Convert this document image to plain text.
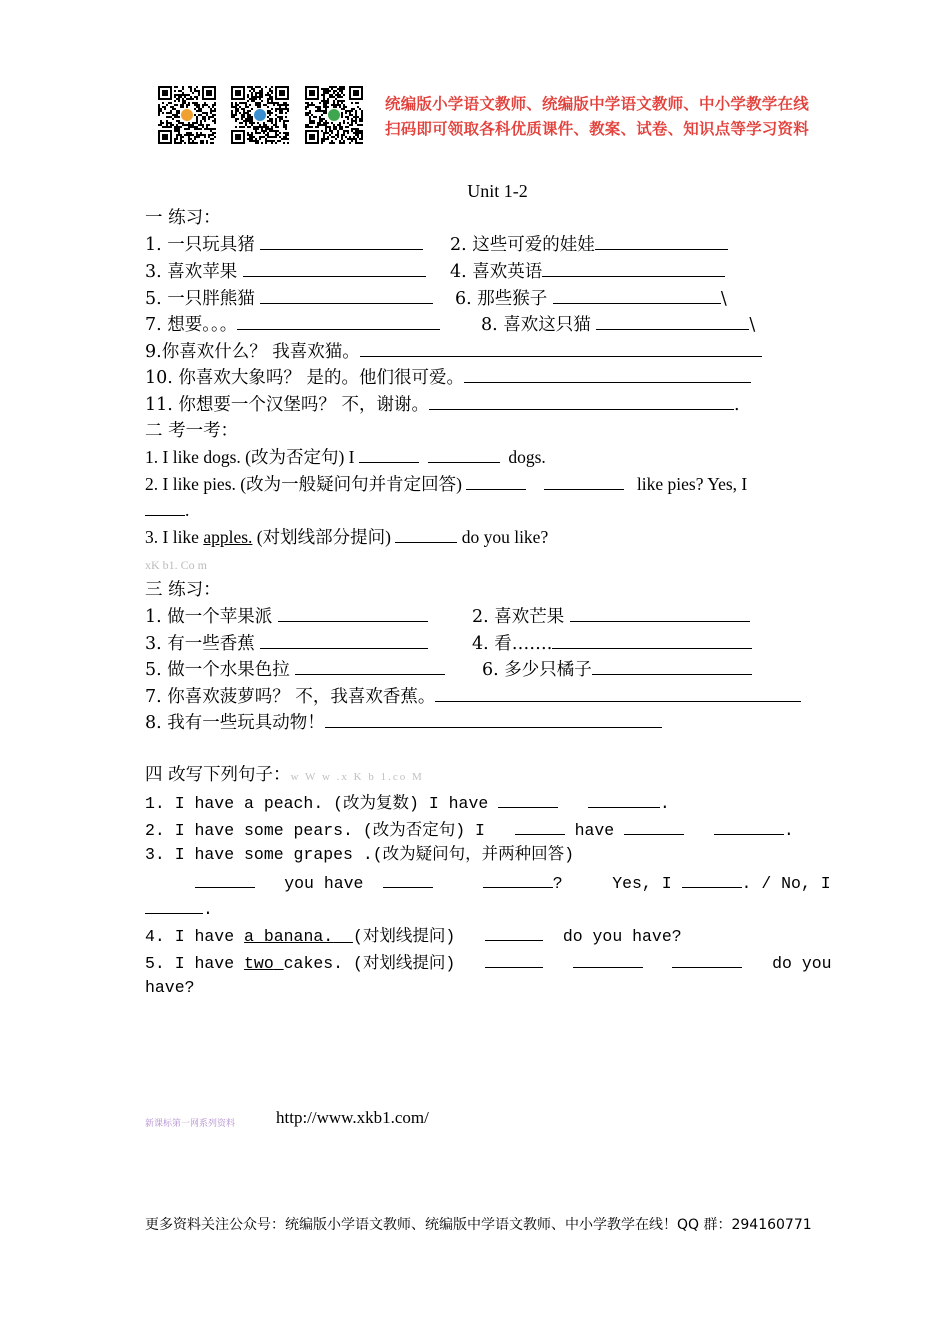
统编版小学语文教师、统编版中学语文教师、中小学教学在线
扫码即可领取各科优质课件、教案、试卷、知识点等学习资料
Unit 1-2
一 练习：
1. 一只玩具猪	2. 这些可爱的娃娃
3. 喜欢苹果	4. 喜欢英语
5. 一只胖熊猫	6. 那些猴子	\
7. 想要。。。	8. 喜欢这只猫	\
9.你喜欢什么？ 我喜欢猫。
10. 你喜欢大象吗？ 是的。他们很可爱。
11. 你想要一个汉堡吗？ 不，谢谢。	.
二 考一考：
1. I like dogs. (改为否定句) I	dogs.
2. I like pies. (改为一般疑问句并肯定回答)	like pies? Yes, I
.
3. I like apples. (对划线部分提问)	do you like?
xK b1. Co m
三 练习：
1. 做一个苹果派	2. 喜欢芒果
3. 有一些香蕉	4. 看…….
5. 做一个水果色拉	6. 多少只橘子
7. 你喜欢菠萝吗？ 不，我喜欢香蕉。
8. 我有一些玩具动物！
四 改写下列句子：w W w .x K b 1.co M
1. I have a peach. (改为复数) I have	.
2. I have some pears. (改为否定句) I	have	.
3. I have some grapes .(改为疑问句，并两种回答)
you have	?	Yes, I	. / No, I
.
4. I have a banana. (对划线提问)	do you have?
5. I have two cakes. (对划线提问)	do you
have?
新课标第一网系列资料 http://www.xkb1.com/
更多资料关注公众号：统编版小学语文教师、统编版中学语文教师、中小学教学在线！QQ 群：294160771
